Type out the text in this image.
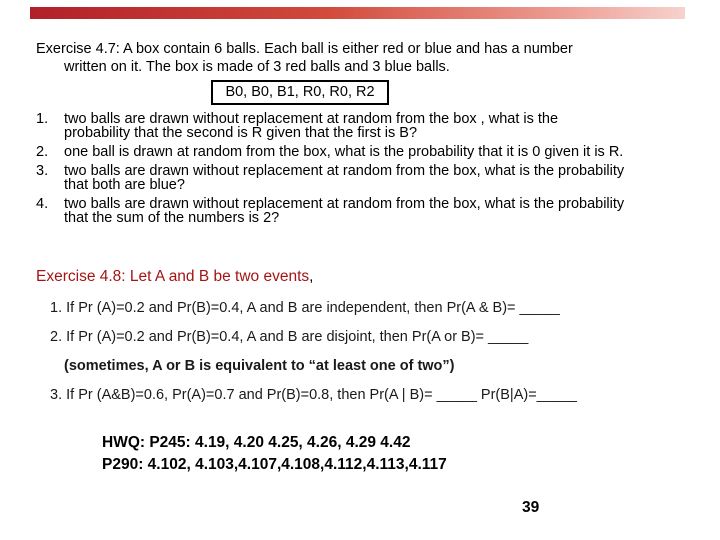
Exercise 4.7: A box contain 6 balls. Each ball is either red or blue and has a number
written on it. The box is made of 3 red balls and 3 blue balls.
B0, B0, B1, R0, R0, R2
1. two balls are drawn without replacement at random from the box , what is the
probability that the second is R given that the first is B?
2. one ball is drawn at random from the box, what is the probability that it is 0 given it is R.
3. two balls are drawn without replacement at random from the box, what is the probability
that both are blue?
4. two balls are drawn without replacement at random from the box, what is the probability
that the sum of the numbers is 2?
Exercise 4.8: Let A and B be two events,
1. If Pr (A)=0.2 and Pr(B)=0.4, A and B are independent, then Pr(A & B)= _____
2. If Pr (A)=0.2 and Pr(B)=0.4, A and B are disjoint, then Pr(A or B)= _____
(sometimes, A or B is equivalent to “at least one of two”)
3. If Pr (A&B)=0.6, Pr(A)=0.7 and Pr(B)=0.8, then Pr(A | B)= _____ Pr(B|A)=_____
HWQ: P245: 4.19, 4.20 4.25, 4.26, 4.29 4.42
P290: 4.102, 4.103,4.107,4.108,4.112,4.113,4.117
39
